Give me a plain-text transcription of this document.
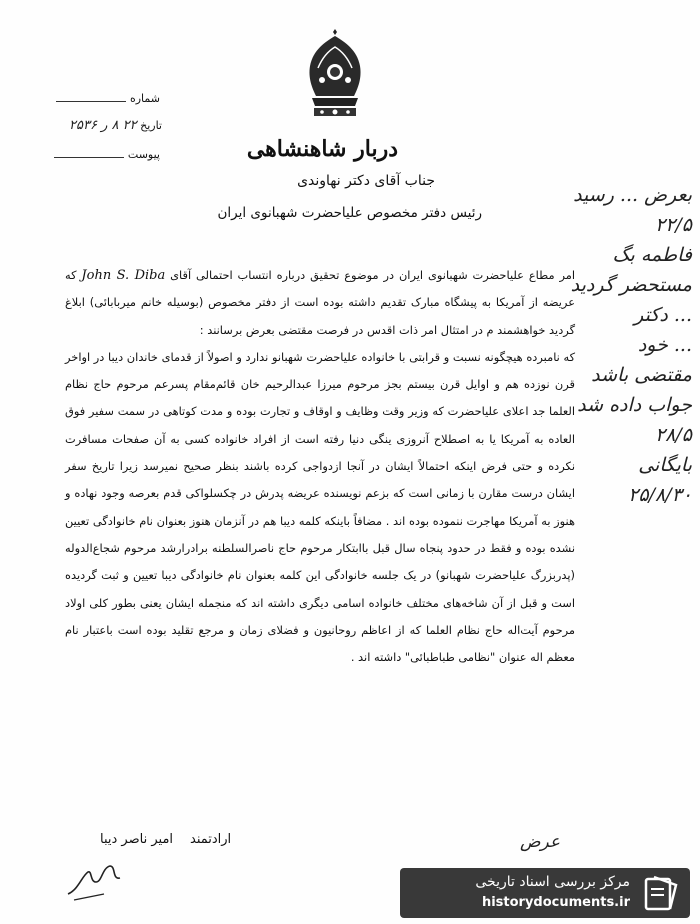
شماره
تاریخ ۲۲ ۸ ر ۲۵۳۶
پیوست	دربار شاهنشاهی
جناب آقای دکتر نهاوندی
رئیس دفتر مخصوص علیاحضرت شهبانوی ایران

امر مطاع علیاحضرت شهبانوی ایران در موضوع تحقیق درباره انتساب احتمالی آقای John S. Diba که عریضه از آمریکا به پیشگاه مبارک تقدیم داشته بوده است از دفتر مخصوص (بوسیله خانم میربابائی) ابلاغ گردید خواهشمند م در امتثال امر ذات اقدس در فرصت مقتضی بعرض برسانند :

که نامبرده هیچگونه نسبت و قرابتی با خانواده علیاحضرت شهبانو ندارد و اصولاً از قدمای خاندان دیبا در اواخر قرن نوزده هم و اوایل قرن بیستم بجز مرحوم میرزا عبدالرحیم خان قائم‌مقام پسرعم مرحوم حاج نظام العلما جد اعلای علیاحضرت که وزیر وقت وظایف و اوقاف و تجارت بوده و مدت کوتاهی در سمت سفیر فوق العاده به آمریکا یا به اصطلاح آنروزی ینگی دنیا رفته است از افراد خانواده کسی به آن صفحات مسافرت نکرده و حتی فرض اینکه احتمالاً ایشان در آنجا ازدواجی کرده باشند بنظر صحیح نمیرسد زیرا تاریخ سفر ایشان درست مقارن با زمانی است که بزعم نویسنده عریضه پدرش در چکسلواکی قدم بعرصه وجود نهاده و هنوز به آمریکا مهاجرت ننموده بوده اند . مضافاً باینکه کلمه دیبا هم در آنزمان هنوز بعنوان نام خانوادگی تعیین نشده بوده و فقط در حدود پنجاه سال قبل باابتکار مرحوم حاج ناصرالسلطنه برادرارشد مرحوم شجاع‌الدوله (پدربزرگ علیاحضرت شهبانو) در یک جلسه خانوادگی این کلمه بعنوان نام خانوادگی دیبا تعیین و ثبت گردیده است و قبل از آن شاخه‌های مختلف خانواده اسامی دیگری داشته اند که منجمله ایشان یعنی بطور کلی اولاد مرحوم آیت‌اله حاج نظام العلما که از اعاظم روحانیون و فضلای زمان و مرجع تقلید بوده است باعتبار نام معظم اله عنوان "نظامی طباطبائی" داشته اند .

ارادتمند
امیر ناصر دیبا
بعرض ... رسید
۲۲/۵
فاطمه بگ
مستحضر گردید
... دکتر
... خود
مقتضی باشد
جواب داده شد
۲۸/۵
بایگانی
۲۵/۸/۳۰
عرض
مرکز بررسی اسناد تاریخی
historydocuments.ir
